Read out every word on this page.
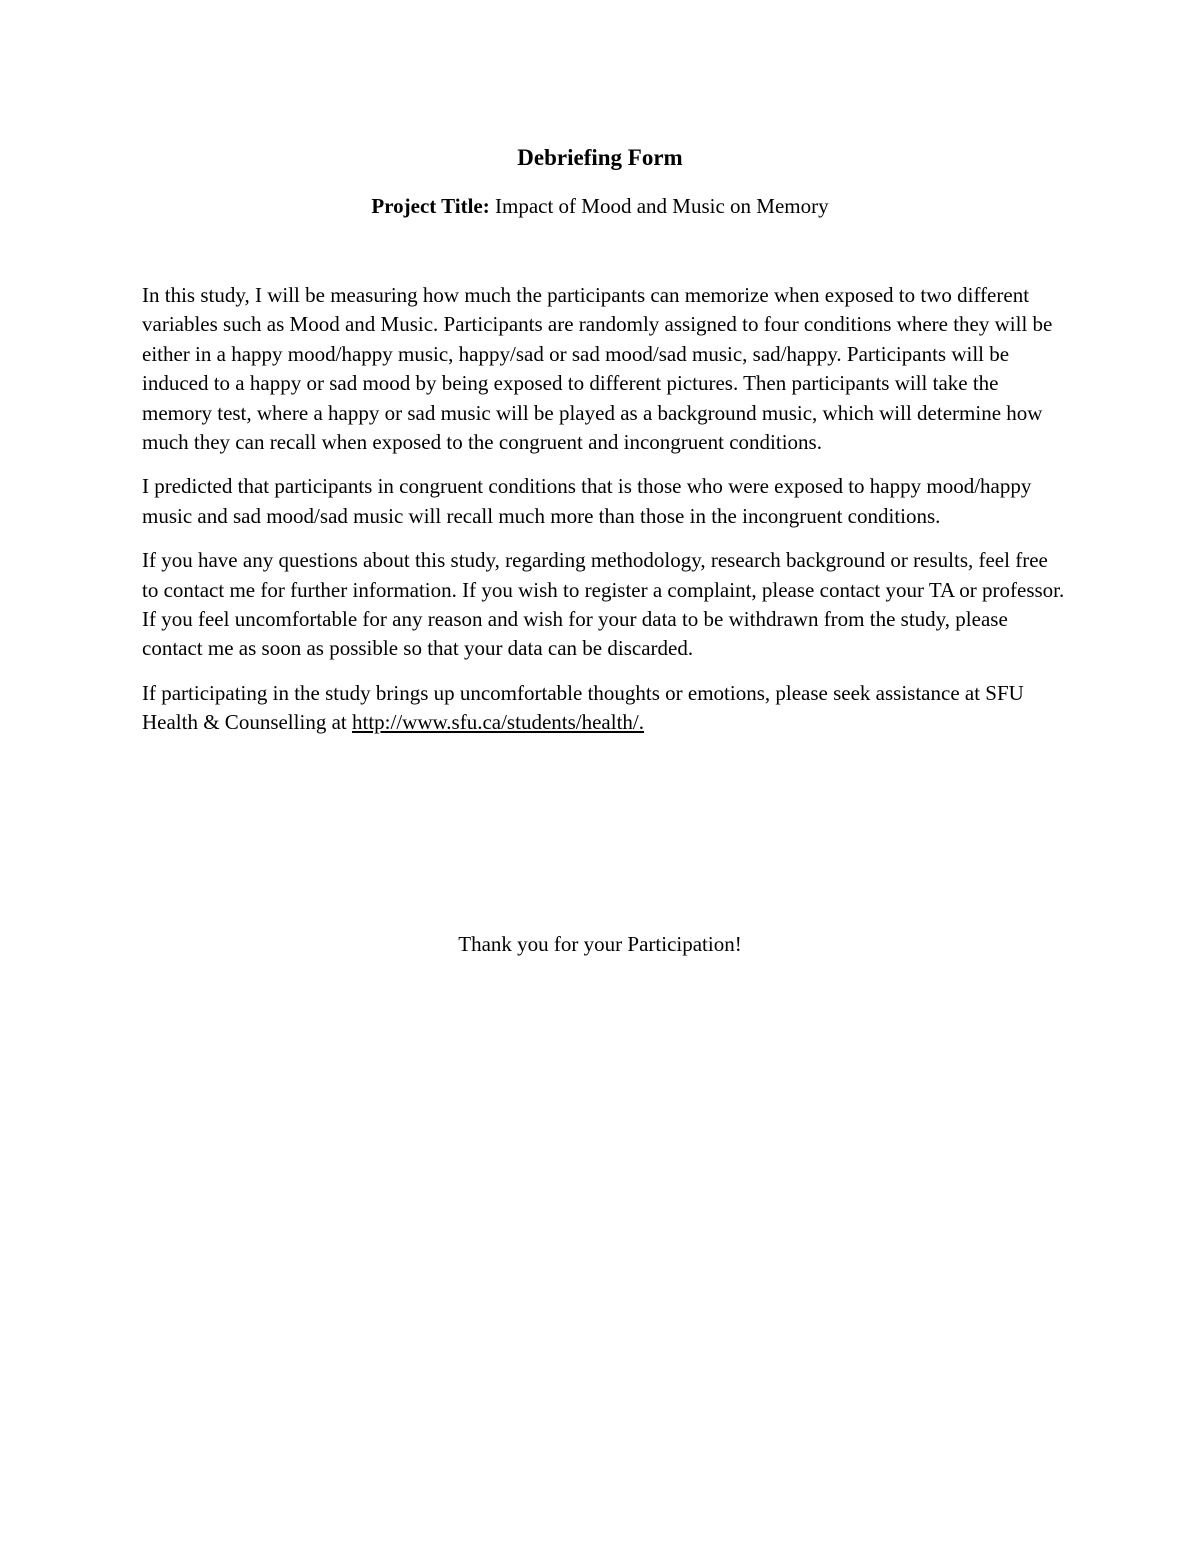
Debriefing Form

Project Title: Impact of Mood and Music on Memory

In this study, I will be measuring how much the participants can memorize when exposed to two different variables such as Mood and Music. Participants are randomly assigned to four conditions where they will be either in a happy mood/happy music, happy/sad or sad mood/sad music, sad/happy. Participants will be induced to a happy or sad mood by being exposed to different pictures. Then participants will take the memory test, where a happy or sad music will be played as a background music, which will determine how much they can recall when exposed to the congruent and incongruent conditions.

I predicted that participants in congruent conditions that is those who were exposed to happy mood/happy music and sad mood/sad music will recall much more than those in the incongruent conditions.

If you have any questions about this study, regarding methodology, research background or results, feel free to contact me for further information. If you wish to register a complaint, please contact your TA or professor. If you feel uncomfortable for any reason and wish for your data to be withdrawn from the study, please contact me as soon as possible so that your data can be discarded.

If participating in the study brings up uncomfortable thoughts or emotions, please seek assistance at SFU Health & Counselling at http://www.sfu.ca/students/health/.

Thank you for your Participation!
